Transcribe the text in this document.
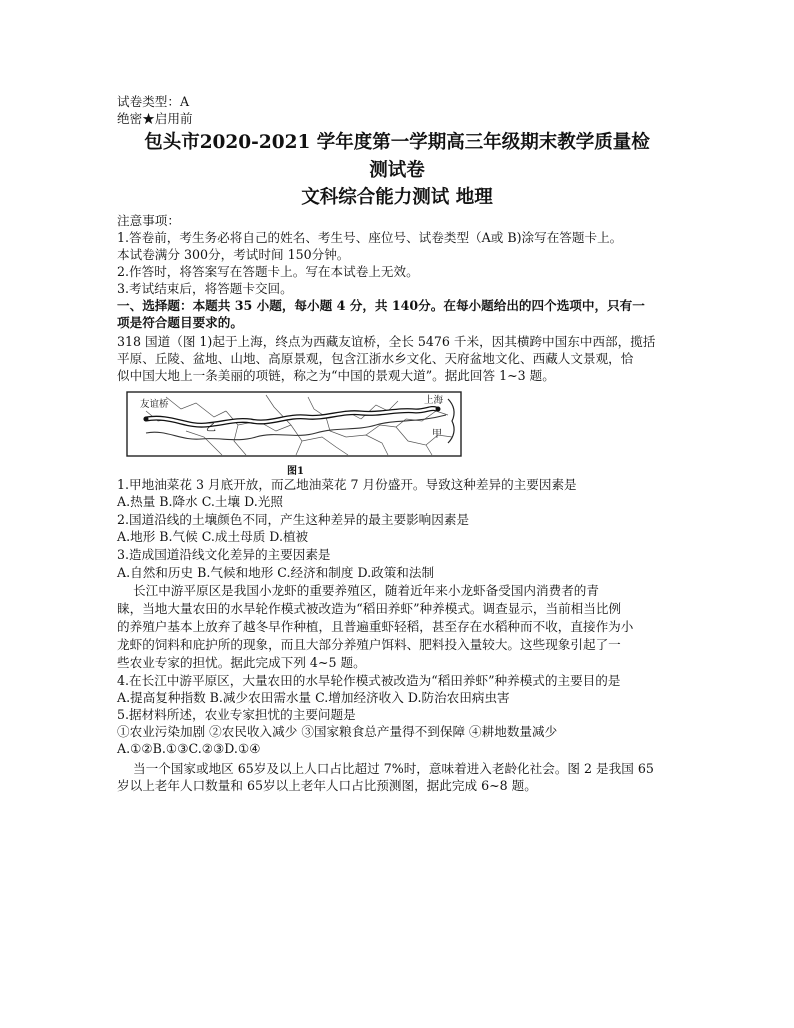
试卷类型：A
绝密★启用前
包头市2020-2021 学年度第一学期高三年级期末教学质量检
测试卷
文科综合能力测试 地理
注意事项：
1.答卷前，考生务必将自己的姓名、考生号、座位号、试卷类型（A或 B)涂写在答题卡上。
本试卷满分 300分，考试时间 150分钟。
2.作答时，将答案写在答题卡上。写在本试卷上无效。
3.考试结束后，将答题卡交回。
一、选择题：本题共 35 小题，每小题 4 分，共 140分。在每小题给出的四个选项中，只有一
项是符合题目要求的。
318 国道（图 1)起于上海，终点为西藏友谊桥，全长 5476 千米，因其横跨中国东中西部，揽括
平原、丘陵、盆地、山地、高原景观，包含江浙水乡文化、天府盆地文化、西藏人文景观，恰
似中国大地上一条美丽的项链，称之为“中国的景观大道”。据此回答 1~3 题。
友谊桥	上海
乙
甲
图1
1.甲地油菜花 3 月底开放，而乙地油菜花 7 月份盛开。导致这种差异的主要因素是
A.热量 B.降水 C.土壤 D.光照
2.国道沿线的土壤颜色不同，产生这种差异的最主要影响因素是
A.地形 B.气候 C.成土母质 D.植被
3.造成国道沿线文化差异的主要因素是
A.自然和历史 B.气候和地形 C.经济和制度 D.政策和法制
长江中游平原区是我国小龙虾的重要养殖区，随着近年来小龙虾备受国内消费者的青
睐，当地大量农田的水旱轮作模式被改造为“稻田养虾”种养模式。调查显示，当前相当比例
的养殖户基本上放弃了越冬早作种植，且普遍重虾轻稻，甚至存在水稻种而不收，直接作为小
龙虾的饲料和庇护所的现象，而且大部分养殖户饵料、肥料投入量较大。这些现象引起了一
些农业专家的担忧。据此完成下列 4~5 题。
4.在长江中游平原区，大量农田的水旱轮作模式被改造为“稻田养虾”种养模式的主要目的是
A.提高复种指数 B.减少农田需水量 C.增加经济收入 D.防治农田病虫害
5.据材料所述，农业专家担忧的主要问题是
①农业污染加剧 ②农民收入减少 ③国家粮食总产量得不到保障 ④耕地数量减少
A.①②B.①③C.②③D.①④
当一个国家或地区 65岁及以上人口占比超过 7%时，意味着进入老龄化社会。图 2 是我国 65
岁以上老年人口数量和 65岁以上老年人口占比预测图，据此完成 6~8 题。
